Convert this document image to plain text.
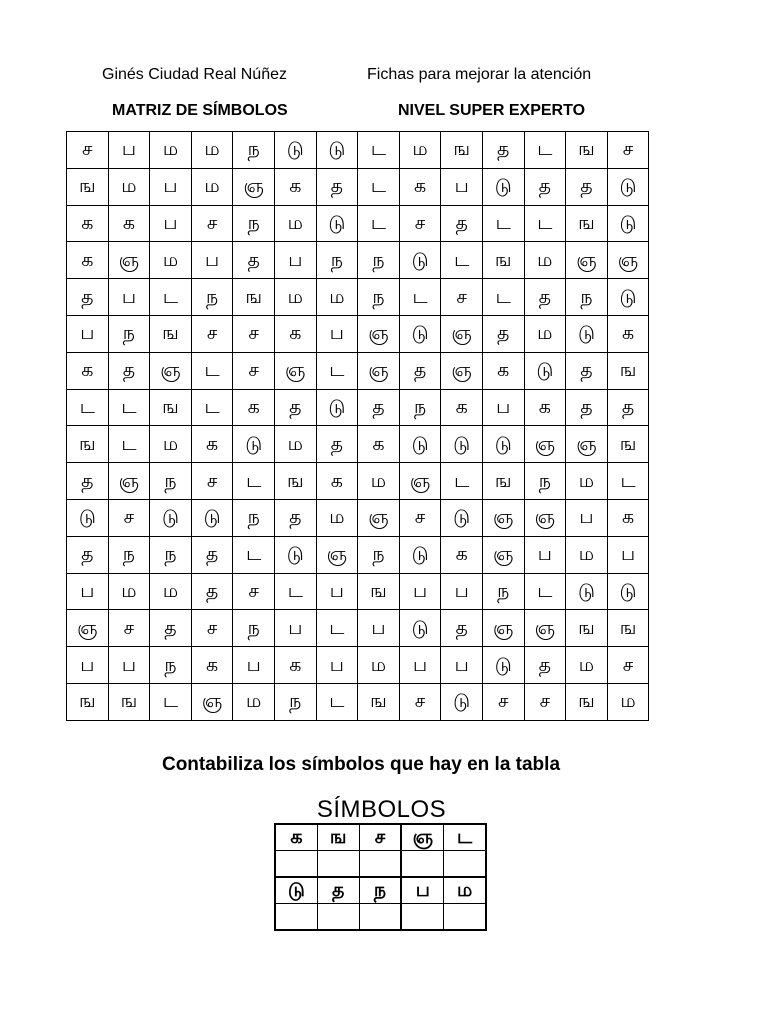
Ginés Ciudad Real Núñez	Fichas para mejorar la atención
MATRIZ DE SÍMBOLOS	NIVEL SUPER EXPERTO
ச	ப	ம	ம	ந	டு	டு	ட	ம	ங	த	ட	ங	ச
ங	ம	ப	ம	ஞ	க	த	ட	க	ப	டு	த	த	டு
க	க	ப	ச	ந	ம	டு	ட	ச	த	ட	ட	ங	டு
க	ஞ	ம	ப	த	ப	ந	ந	டு	ட	ங	ம	ஞ	ஞ
த	ப	ட	ந	ங	ம	ம	ந	ட	ச	ட	த	ந	டு
ப	ந	ங	ச	ச	க	ப	ஞ	டு	ஞ	த	ம	டு	க
க	த	ஞ	ட	ச	ஞ	ட	ஞ	த	ஞ	க	டு	த	ங
ட	ட	ங	ட	க	த	டு	த	ந	க	ப	க	த	த
ங	ட	ம	க	டு	ம	த	க	டு	டு	டு	ஞ	ஞ	ங
த	ஞ	ந	ச	ட	ங	க	ம	ஞ	ட	ங	ந	ம	ட
டு	ச	டு	டு	ந	த	ம	ஞ	ச	டு	ஞ	ஞ	ப	க
த	ந	ந	த	ட	டு	ஞ	ந	டு	க	ஞ	ப	ம	ப
ப	ம	ம	த	ச	ட	ப	ங	ப	ப	ந	ட	டு	டு
ஞ	ச	த	ச	ந	ப	ட	ப	டு	த	ஞ	ஞ	ங	ங
ப	ப	ந	க	ப	க	ப	ம	ப	ப	டு	த	ம	ச
ங	ங	ட	ஞ	ம	ந	ட	ங	ச	டு	ச	ச	ங	ம
Contabiliza los símbolos que hay en la tabla
SÍMBOLOS
க	ங	ச	ஞ	ட

டு	த	ந	ப	ம
